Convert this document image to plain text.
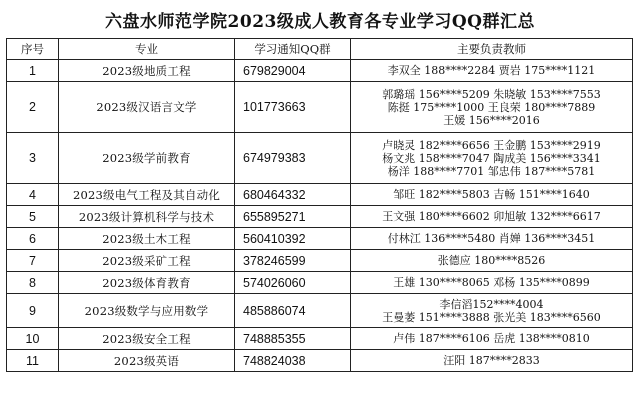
六盘水师范学院2023级成人教育各专业学习QQ群汇总
序号	专业	学习通知QQ群	主要负责教师
1	2023级地质工程	679829004	李双全 188****2284 贾岩 175****1121

2	2023级汉语言文学	101773663	郭璐瑶 156****5209 朱晓敏 153****7553
陈挺 175****1000 王良荣 180****7889
王媛 156****2016

3	2023级学前教育	674979383	卢晓灵 182****6656 王金鹏 153****2919
杨文兆 158****7047 陶成美 156****3341
杨洋 188****7701 邹忠伟 187****5781

4	2023级电气工程及其自动化	680464332	邹旺 182****5803 吉畅 151****1640

5	2023级计算机科学与技术	655895271	王文强 180****6602 卯旭敏 132****6617

6	2023级土木工程	560410392	付林江 136****5480 肖婵 136****3451

7	2023级采矿工程	378246599	张德应 180****8526

8	2023级体育教育	574026060	王雄 130****8065 邓杨 135****0899

9	2023级数学与应用数学	485886074	李信滔152****4004
王曼萎 151****3888 张光美 183****6560

10	2023级安全工程	748885355	卢伟 187****6106 岳虎 138****0810

11	2023级英语	748824038	汪阳 187****2833
